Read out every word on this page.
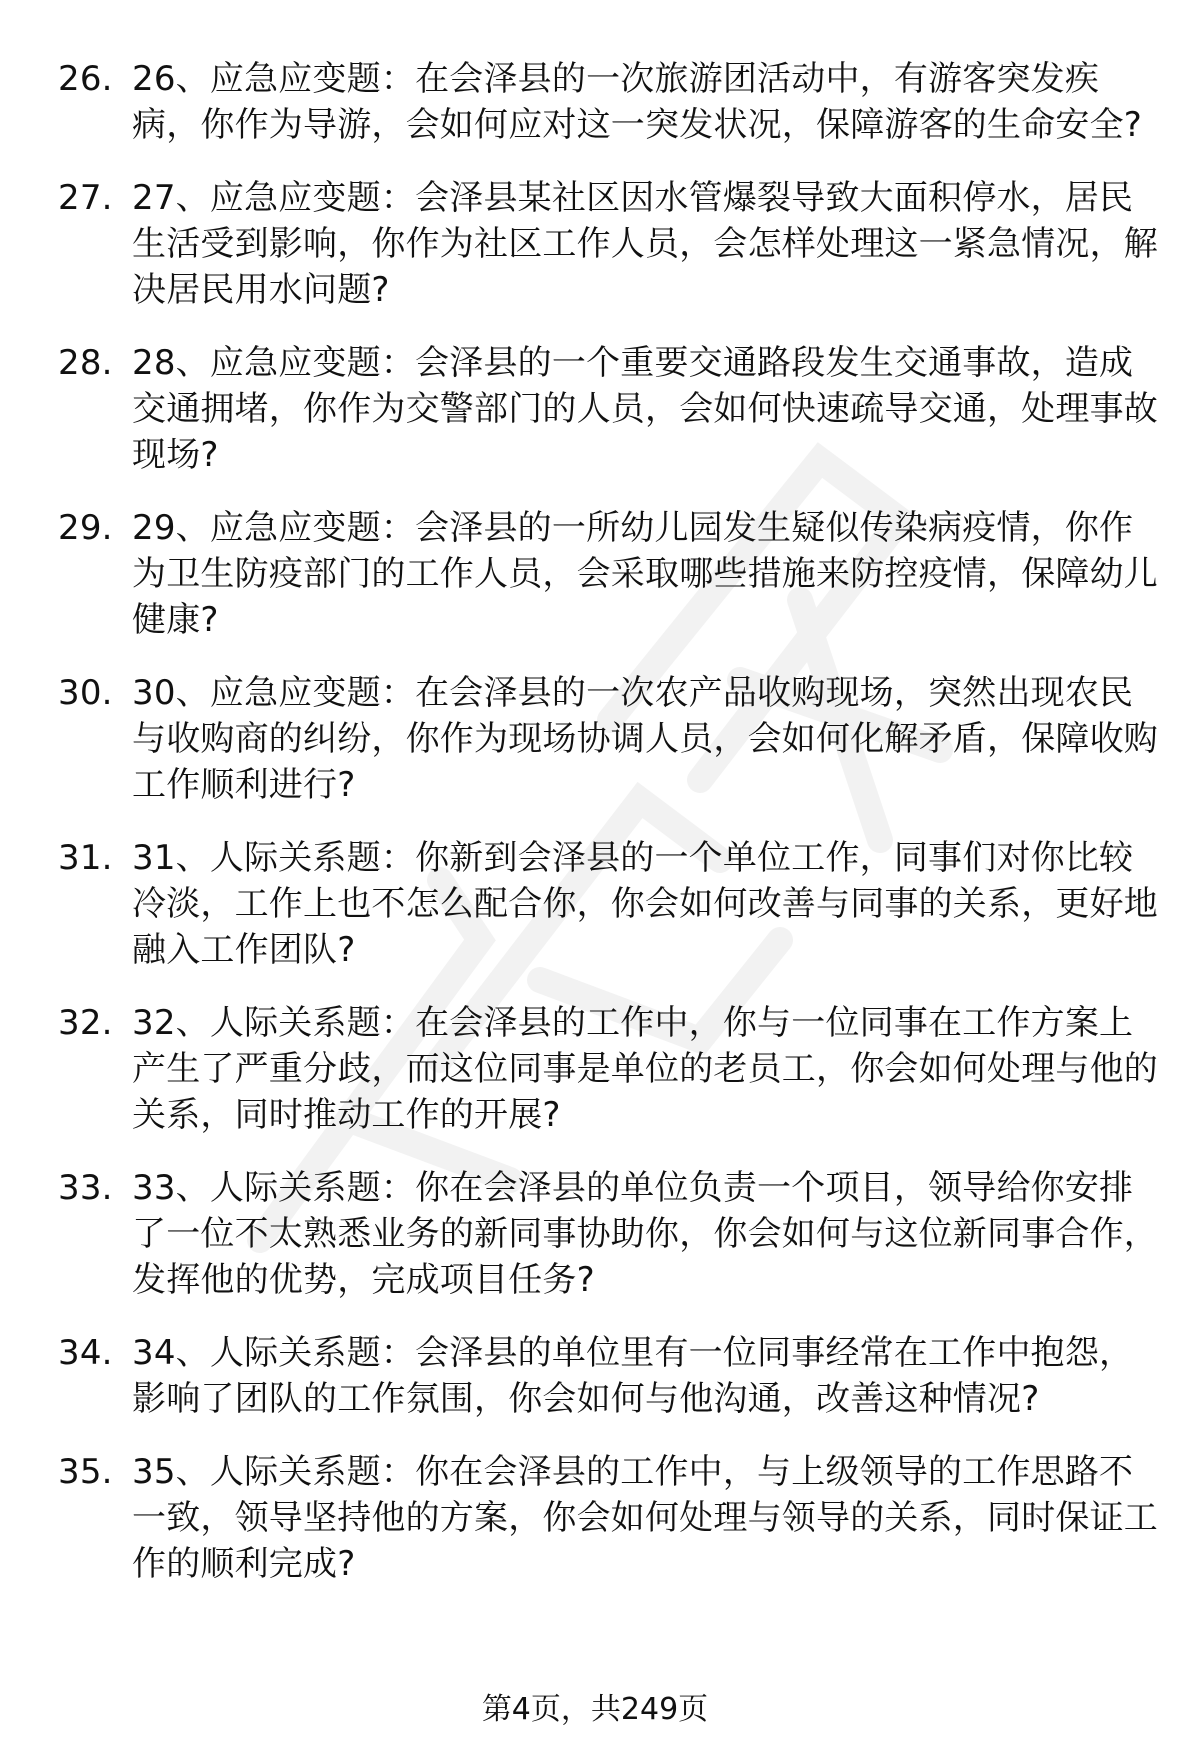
26. 26、应急应变题：在会泽县的一次旅游团活动中，有游客突发疾病，你作为导游，会如何应对这一突发状况，保障游客的生命安全?
27. 27、应急应变题：会泽县某社区因水管爆裂导致大面积停水，居民生活受到影响，你作为社区工作人员，会怎样处理这一紧急情况，解决居民用水问题?
28. 28、应急应变题：会泽县的一个重要交通路段发生交通事故，造成交通拥堵，你作为交警部门的人员，会如何快速疏导交通，处理事故现场?
29. 29、应急应变题：会泽县的一所幼儿园发生疑似传染病疫情，你作为卫生防疫部门的工作人员，会采取哪些措施来防控疫情，保障幼儿健康?
30. 30、应急应变题：在会泽县的一次农产品收购现场，突然出现农民与收购商的纠纷，你作为现场协调人员，会如何化解矛盾，保障收购工作顺利进行?
31. 31、人际关系题：你新到会泽县的一个单位工作，同事们对你比较冷淡，工作上也不怎么配合你，你会如何改善与同事的关系，更好地融入工作团队?
32. 32、人际关系题：在会泽县的工作中，你与一位同事在工作方案上产生了严重分歧，而这位同事是单位的老员工，你会如何处理与他的关系，同时推动工作的开展?
33. 33、人际关系题：你在会泽县的单位负责一个项目，领导给你安排了一位不太熟悉业务的新同事协助你，你会如何与这位新同事合作，发挥他的优势，完成项目任务?
34. 34、人际关系题：会泽县的单位里有一位同事经常在工作中抱怨，影响了团队的工作氛围，你会如何与他沟通，改善这种情况?
35. 35、人际关系题：你在会泽县的工作中，与上级领导的工作思路不一致，领导坚持他的方案，你会如何处理与领导的关系，同时保证工作的顺利完成?
第4页，共249页
